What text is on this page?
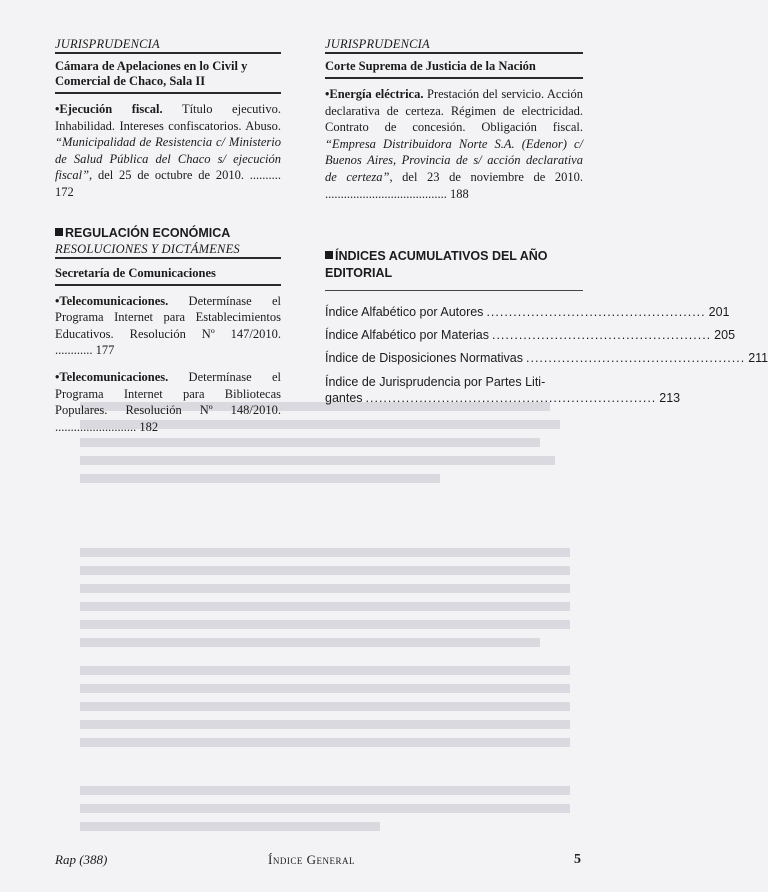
JURISPRUDENCIA
Cámara de Apelaciones en lo Civil y Comercial de Chaco, Sala II

•Ejecución fiscal. Título ejecutivo. Inhabilidad. Intereses confiscatorios. Abuso. “Municipalidad de Resistencia c/ Ministerio de Salud Pública del Chaco s/ ejecución fiscal”, del 25 de octubre de 2010. .......... 172

REGULACIÓN ECONÓMICA
RESOLUCIONES Y DICTÁMENES
Secretaría de Comunicaciones

•Telecomunicaciones. Determínase el Programa Internet para Establecimientos Educativos. Resolución Nº 147/2010. ............ 177

•Telecomunicaciones. Determínase el Programa Internet para Bibliotecas Populares. Resolución Nº 148/2010. .......................... 182

JURISPRUDENCIA
Corte Suprema de Justicia de la Nación

•Energía eléctrica. Prestación del servicio. Acción declarativa de certeza. Régimen de electricidad. Contrato de concesión. Obligación fiscal. “Empresa Distribuidora Norte S.A. (Edenor) c/ Buenos Aires, Provincia de s/ acción declarativa de certeza”, del 23 de noviembre de 2010. ....................................... 188

ÍNDICES ACUMULATIVOS DEL AÑO EDITORIAL
Índice Alfabético por Autores ................................................. 201
Índice Alfabético por Materias ................................................. 205
Índice de Disposiciones Normativas ................................................. 211
Índice de Jurisprudencia por Partes Liti-
gantes ................................................................. 213
Rap (388)	Índice General	5
